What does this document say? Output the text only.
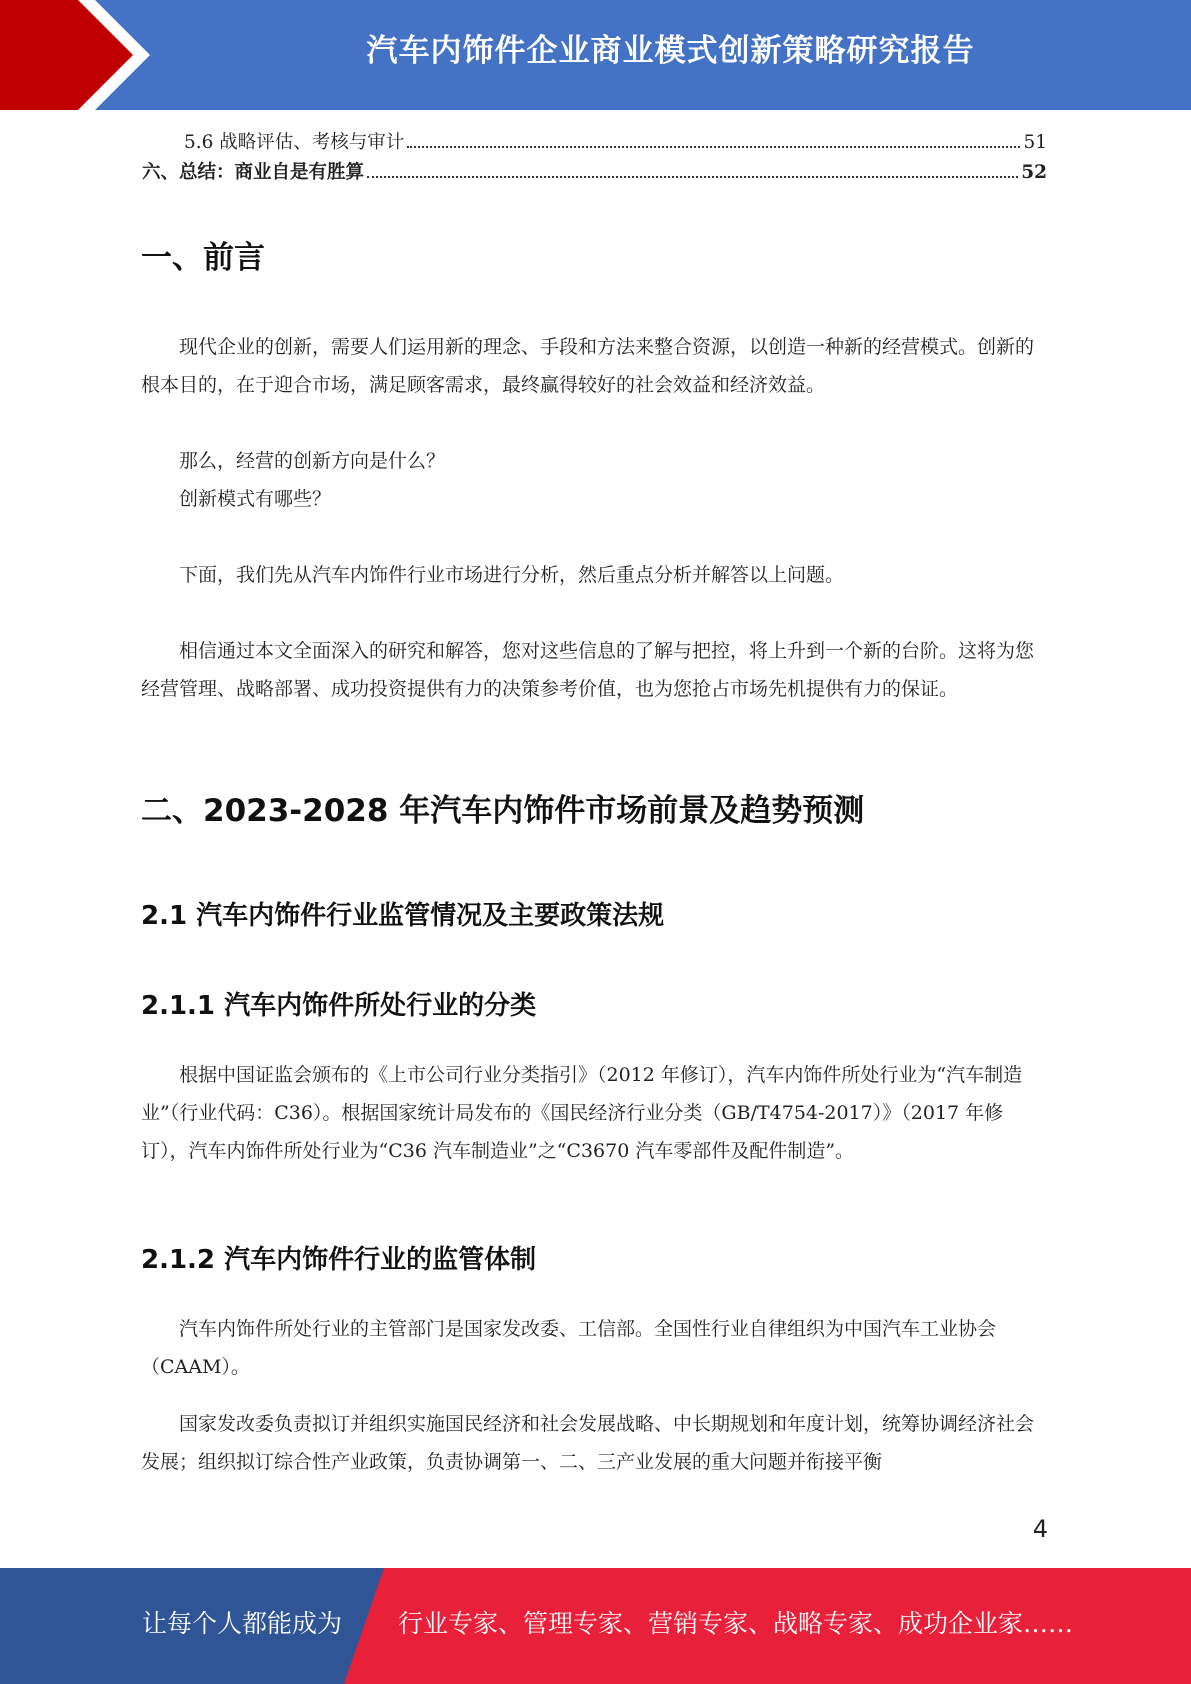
汽车内饰件企业商业模式创新策略研究报告
5.6 战略评估、考核与审计	51
六、总结：商业自是有胜算	52
一、前言

现代企业的创新，需要人们运用新的理念、手段和方法来整合资源，以创造一种新的经营模式。创新的根本目的，在于迎合市场，满足顾客需求，最终赢得较好的社会效益和经济效益。

那么，经营的创新方向是什么？

创新模式有哪些？

下面，我们先从汽车内饰件行业市场进行分析，然后重点分析并解答以上问题。

相信通过本文全面深入的研究和解答，您对这些信息的了解与把控，将上升到一个新的台阶。这将为您经营管理、战略部署、成功投资提供有力的决策参考价值，也为您抢占市场先机提供有力的保证。

二、2023-2028 年汽车内饰件市场前景及趋势预测
2.1 汽车内饰件行业监管情况及主要政策法规
2.1.1 汽车内饰件所处行业的分类

根据中国证监会颁布的《上市公司行业分类指引》（2012 年修订），汽车内饰件所处行业为“汽车制造业”（行业代码：C36）。根据国家统计局发布的《国民经济行业分类（GB/T4754-2017）》（2017 年修订），汽车内饰件所处行业为“C36 汽车制造业”之“C3670 汽车零部件及配件制造”。

2.1.2 汽车内饰件行业的监管体制

汽车内饰件所处行业的主管部门是国家发改委、工信部。全国性行业自律组织为中国汽车工业协会（CAAM）。

国家发改委负责拟订并组织实施国民经济和社会发展战略、中长期规划和年度计划，统筹协调经济社会发展；组织拟订综合性产业政策，负责协调第一、二、三产业发展的重大问题并衔接平衡

4
让每个人都能成为 行业专家、管理专家、营销专家、战略专家、成功企业家……
